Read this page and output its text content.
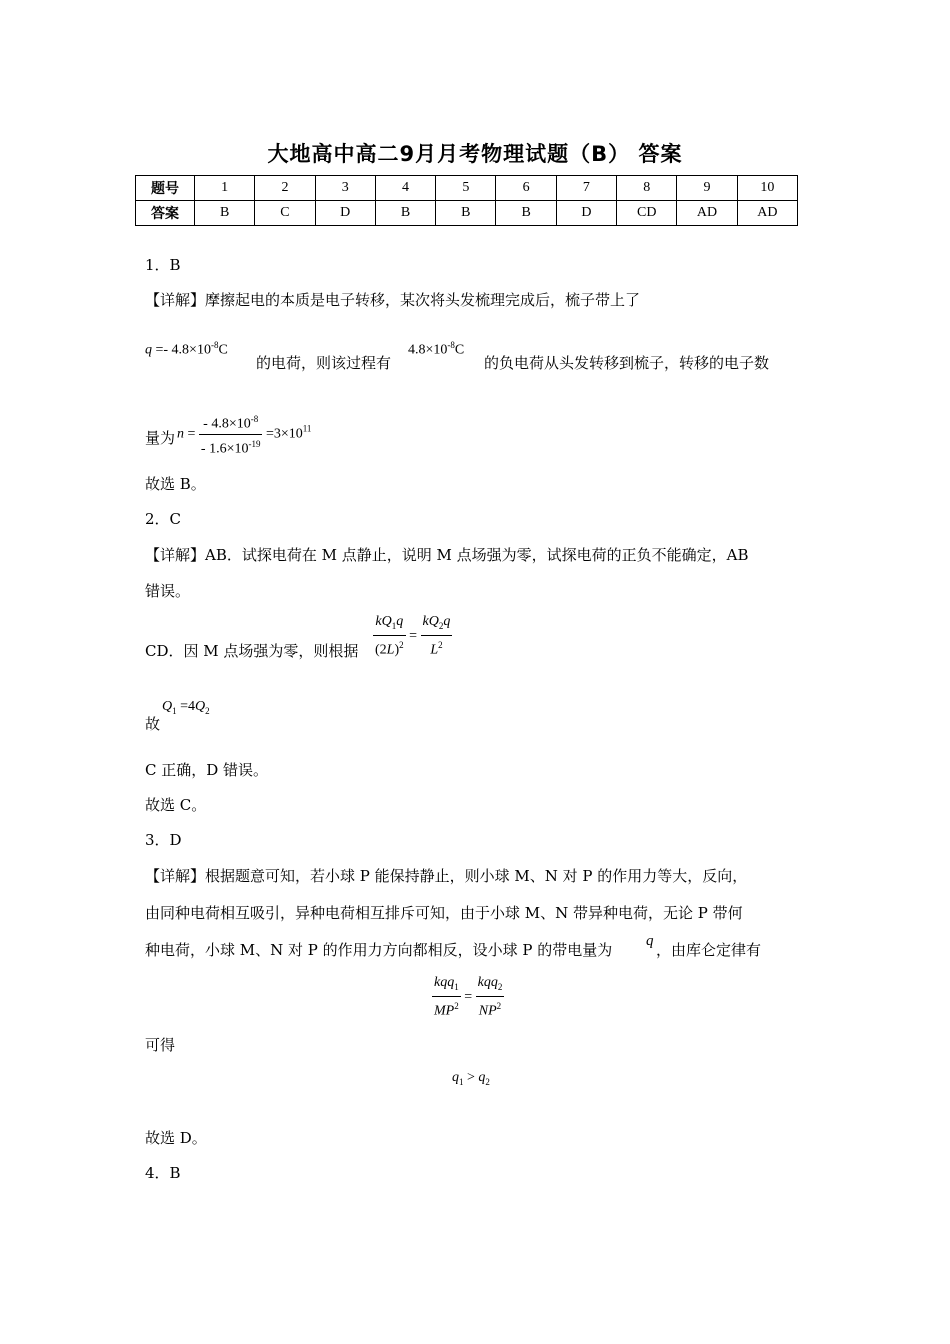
大地高中高二9月月考物理试题（B） 答案
题号	1	2	3	4	5	6	7	8	9	10
答案	B	C	D	B	B	B	D	CD	AD	AD
1．B
【详解】摩擦起电的本质是电子转移，某次将头发梳理完成后，梳子带上了
$q =- 4.8\times 10^{-8}C$
的电荷，则该过程有
$4.8\times 10^{-8}C$
的负电荷从头发转移到梳子，转移的电子数
量为 $n = \frac{- 4.8\times 10^{-8}}{- 1.6\times 10^{-19}} =3\times 10^{11}$
故选 B。
2．C
【详解】AB．试探电荷在 M 点静止，说明 M 点场强为零，试探电荷的正负不能确定，AB
错误。
CD．因 M 点场强为零，则根据 $\frac{kQ_1q}{(2L)^2} = \frac{kQ_2q}{L^2}$
故
$Q_1 =4Q_2$
C 正确，D 错误。
故选 C。
3．D
【详解】根据题意可知，若小球 P 能保持静止，则小球 M、N 对 P 的作用力等大，反向，
由同种电荷相互吸引，异种电荷相互排斥可知，由于小球 M、N 带异种电荷，无论 P 带何
种电荷，小球 M、N 对 P 的作用力方向都相反，设小球 P 的带电量为 q ，由库仑定律有
$\frac{kqq_1}{MP^2} = \frac{kqq_2}{NP^2}$
可得
$q_1 > q_2$
故选 D。
4．B
